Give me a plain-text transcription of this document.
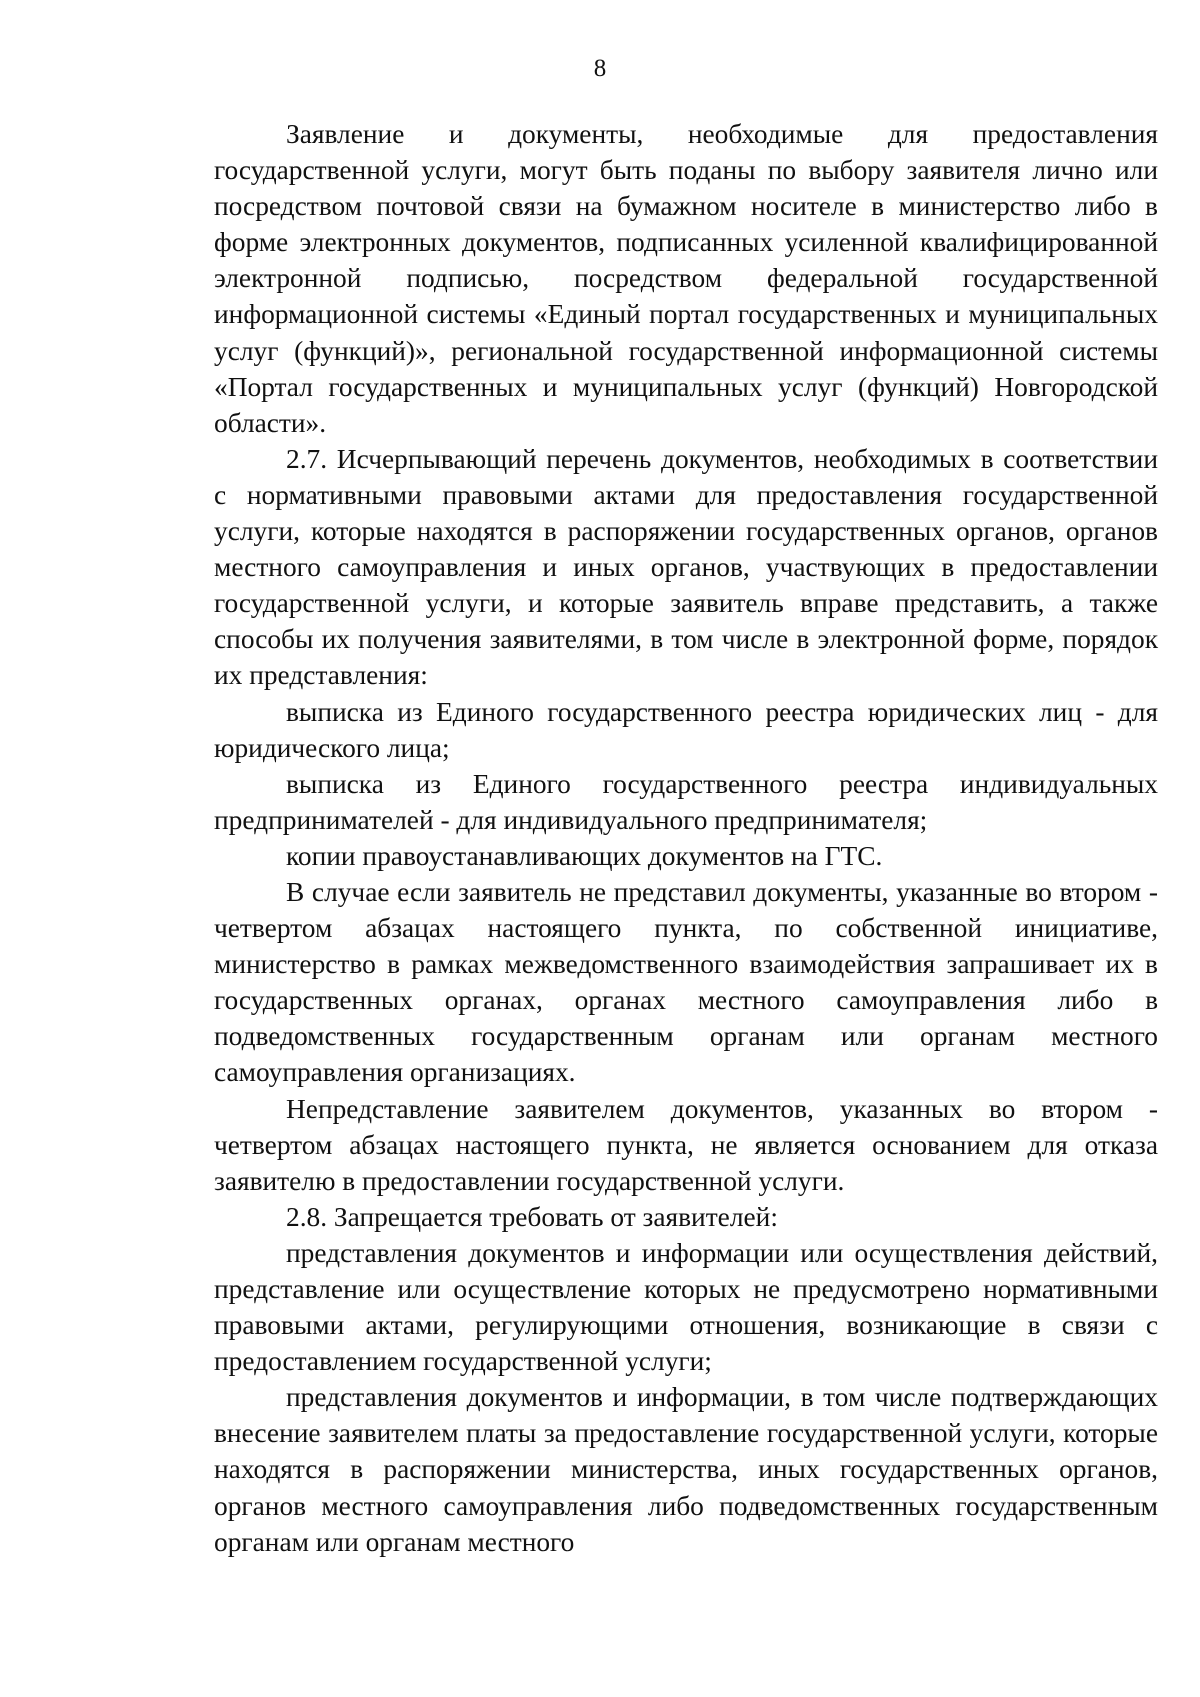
8

Заявление и документы, необходимые для предоставления государственной услуги, могут быть поданы по выбору заявителя лично или посредством почтовой связи на бумажном носителе в министерство либо в форме электронных документов, подписанных усиленной квалифицированной электронной подписью, посредством федеральной государственной информационной системы «Единый портал государственных и муниципальных услуг (функций)», региональной государственной информационной системы «Портал государственных и муниципальных услуг (функций) Новгородской области».

2.7. Исчерпывающий перечень документов, необходимых в соответствии с нормативными правовыми актами для предоставления государственной услуги, которые находятся в распоряжении государственных органов, органов местного самоуправления и иных органов, участвующих в предоставлении государственной услуги, и которые заявитель вправе представить, а также способы их получения заявителями, в том числе в электронной форме, порядок их представления:

выписка из Единого государственного реестра юридических лиц - для юридического лица;

выписка из Единого государственного реестра индивидуальных предпринимателей - для индивидуального предпринимателя;

копии правоустанавливающих документов на ГТС.

В случае если заявитель не представил документы, указанные во втором - четвертом абзацах настоящего пункта, по собственной инициативе, министерство в рамках межведомственного взаимодействия запрашивает их в государственных органах, органах местного самоуправления либо в подведомственных государственным органам или органам местного самоуправления организациях.

Непредставление заявителем документов, указанных во втором - четвертом абзацах настоящего пункта, не является основанием для отказа заявителю в предоставлении государственной услуги.

2.8. Запрещается требовать от заявителей:

представления документов и информации или осуществления действий, представление или осуществление которых не предусмотрено нормативными правовыми актами, регулирующими отношения, возникающие в связи с предоставлением государственной услуги;

представления документов и информации, в том числе подтверждающих внесение заявителем платы за предоставление государственной услуги, которые находятся в распоряжении министерства, иных государственных органов, органов местного самоуправления либо подведомственных государственным органам или органам местного
